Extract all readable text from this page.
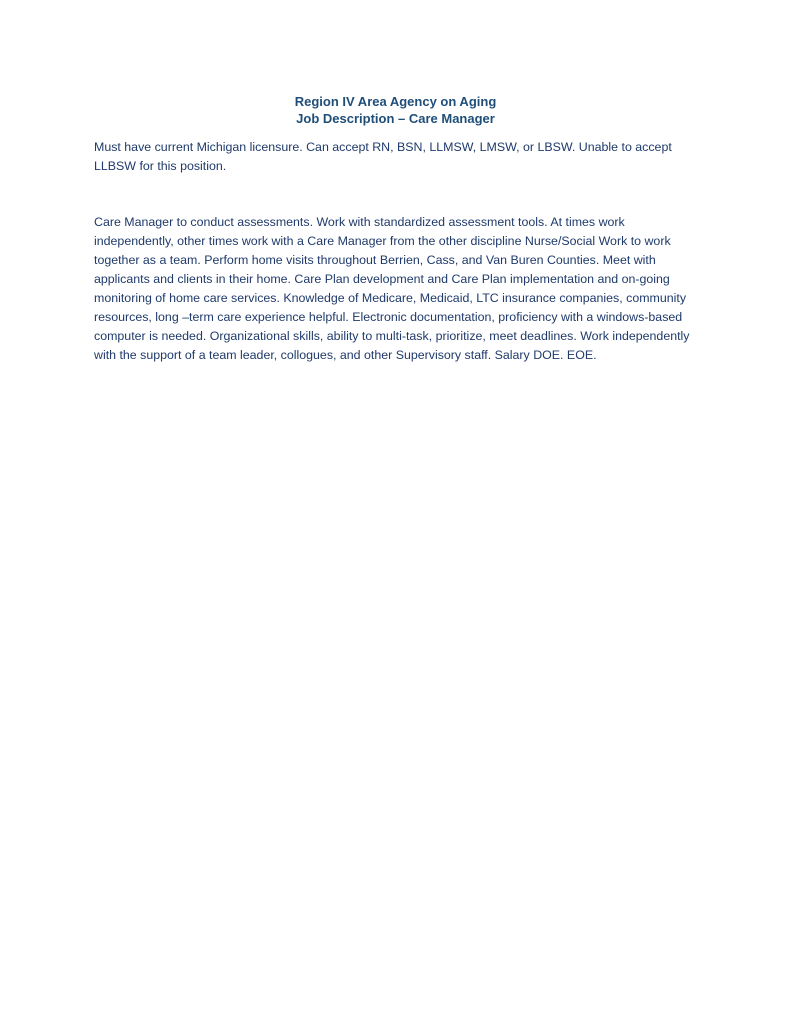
Region IV Area Agency on Aging
Job Description – Care Manager

Must have current Michigan licensure. Can accept RN, BSN, LLMSW, LMSW, or LBSW. Unable to accept LLBSW for this position.

Care Manager to conduct assessments. Work with standardized assessment tools. At times work independently, other times work with a Care Manager from the other discipline Nurse/Social Work to work together as a team. Perform home visits throughout Berrien, Cass, and Van Buren Counties. Meet with applicants and clients in their home. Care Plan development and Care Plan implementation and on-going monitoring of home care services. Knowledge of Medicare, Medicaid, LTC insurance companies, community resources, long –term care experience helpful. Electronic documentation, proficiency with a windows-based computer is needed. Organizational skills, ability to multi-task, prioritize, meet deadlines. Work independently with the support of a team leader, collogues, and other Supervisory staff. Salary DOE. EOE.
